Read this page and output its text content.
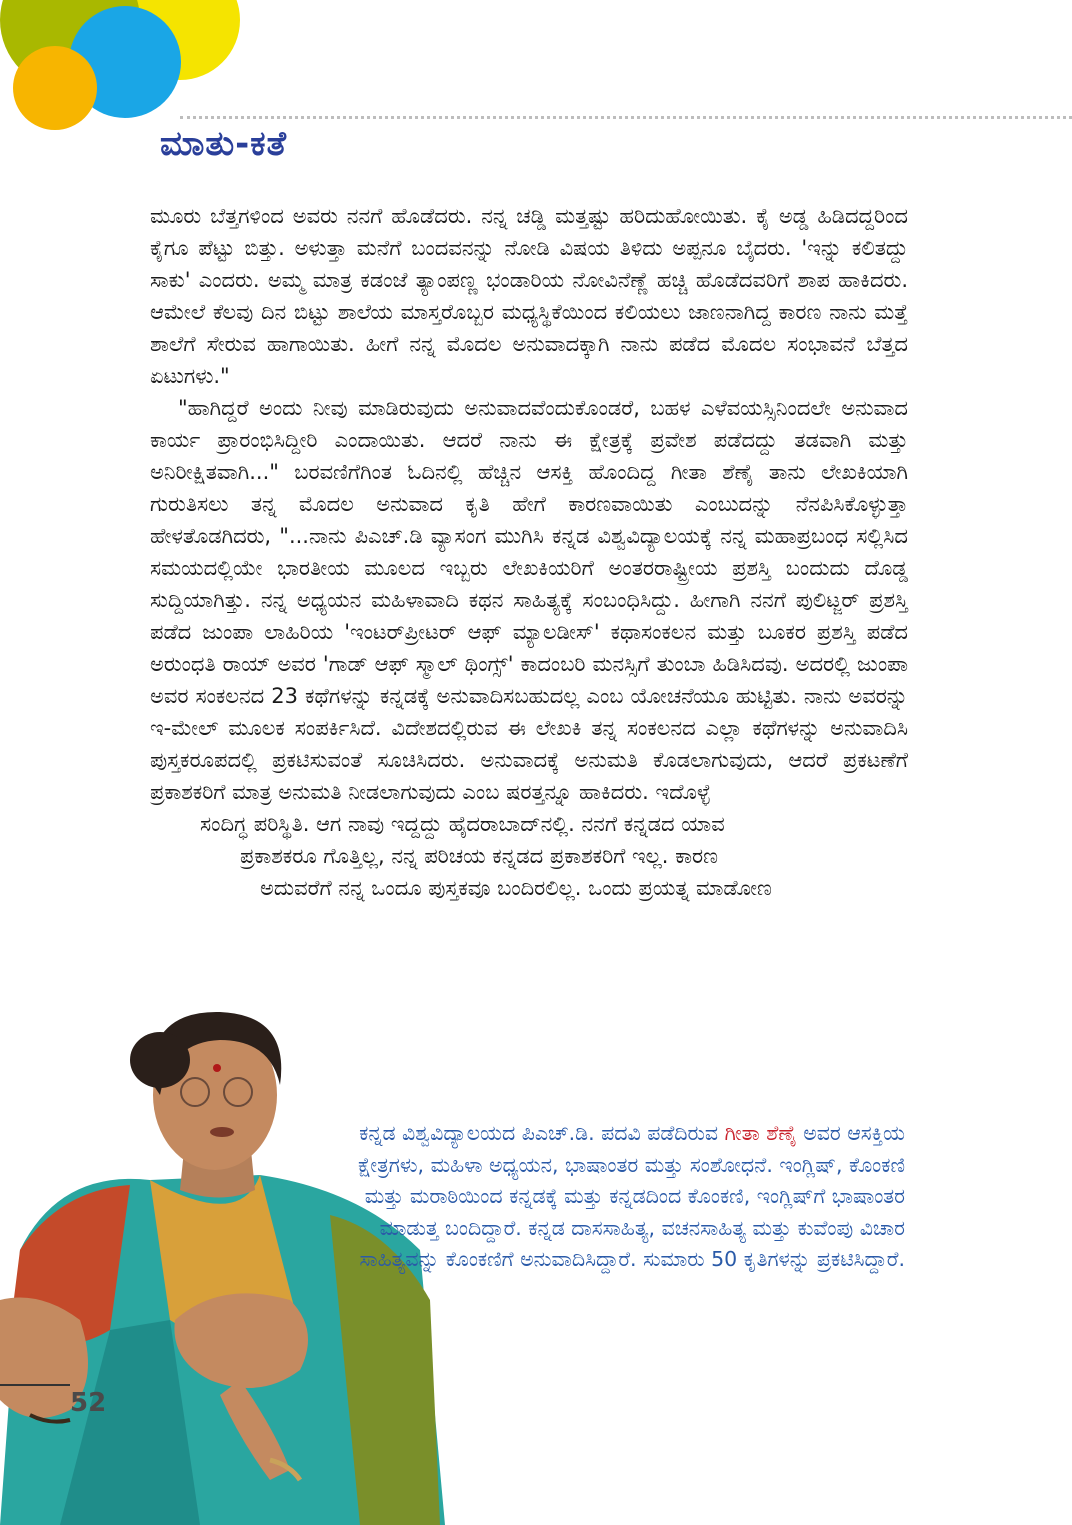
ಮಾತು-ಕತೆ

ಮೂರು ಬೆತ್ತಗಳಿಂದ ಅವರು ನನಗೆ ಹೊಡೆದರು. ನನ್ನ ಚಡ್ಡಿ ಮತ್ತಷ್ಟು ಹರಿದುಹೋಯಿತು. ಕೈ ಅಡ್ಡ ಹಿಡಿದದ್ದರಿಂದ ಕೈಗೂ ಪೆಟ್ಟು ಬಿತ್ತು. ಅಳುತ್ತಾ ಮನೆಗೆ ಬಂದವನನ್ನು ನೋಡಿ ವಿಷಯ ತಿಳಿದು ಅಪ್ಪನೂ ಬೈದರು. 'ಇನ್ನು ಕಲಿತದ್ದು ಸಾಕು' ಎಂದರು. ಅಮ್ಮ ಮಾತ್ರ ಕಡಂಜೆ ತ್ಯಾಂಪಣ್ಣ ಭಂಡಾರಿಯ ನೋವಿನೆಣ್ಣೆ ಹಚ್ಚಿ ಹೊಡೆದವರಿಗೆ ಶಾಪ ಹಾಕಿದರು. ಆಮೇಲೆ ಕೆಲವು ದಿನ ಬಿಟ್ಟು ಶಾಲೆಯ ಮಾಸ್ತರೊಬ್ಬರ ಮಧ್ಯಸ್ಥಿಕೆಯಿಂದ ಕಲಿಯಲು ಜಾಣನಾಗಿದ್ದ ಕಾರಣ ನಾನು ಮತ್ತೆ ಶಾಲೆಗೆ ಸೇರುವ ಹಾಗಾಯಿತು. ಹೀಗೆ ನನ್ನ ಮೊದಲ ಅನುವಾದಕ್ಕಾಗಿ ನಾನು ಪಡೆದ ಮೊದಲ ಸಂಭಾವನೆ ಬೆತ್ತದ ಏಟುಗಳು."

"ಹಾಗಿದ್ದರೆ ಅಂದು ನೀವು ಮಾಡಿರುವುದು ಅನುವಾದವೆಂದುಕೊಂಡರೆ, ಬಹಳ ಎಳೆವಯಸ್ಸಿನಿಂದಲೇ ಅನುವಾದ ಕಾರ್ಯ ಪ್ರಾರಂಭಿಸಿದ್ದೀರಿ ಎಂದಾಯಿತು. ಆದರೆ ನಾನು ಈ ಕ್ಷೇತ್ರಕ್ಕೆ ಪ್ರವೇಶ ಪಡೆದದ್ದು ತಡವಾಗಿ ಮತ್ತು ಅನಿರೀಕ್ಷಿತವಾಗಿ..." ಬರವಣಿಗೆಗಿಂತ ಓದಿನಲ್ಲಿ ಹೆಚ್ಚಿನ ಆಸಕ್ತಿ ಹೊಂದಿದ್ದ ಗೀತಾ ಶೆಣೈ ತಾನು ಲೇಖಕಿಯಾಗಿ ಗುರುತಿಸಲು ತನ್ನ ಮೊದಲ ಅನುವಾದ ಕೃತಿ ಹೇಗೆ ಕಾರಣವಾಯಿತು ಎಂಬುದನ್ನು ನೆನಪಿಸಿಕೊಳ್ಳುತ್ತಾ ಹೇಳತೊಡಗಿದರು, "...ನಾನು ಪಿಎಚ್.ಡಿ ವ್ಯಾಸಂಗ ಮುಗಿಸಿ ಕನ್ನಡ ವಿಶ್ವವಿದ್ಯಾಲಯಕ್ಕೆ ನನ್ನ ಮಹಾಪ್ರಬಂಧ ಸಲ್ಲಿಸಿದ ಸಮಯದಲ್ಲಿಯೇ ಭಾರತೀಯ ಮೂಲದ ಇಬ್ಬರು ಲೇಖಕಿಯರಿಗೆ ಅಂತರರಾಷ್ಟ್ರೀಯ ಪ್ರಶಸ್ತಿ ಬಂದುದು ದೊಡ್ಡ ಸುದ್ದಿಯಾಗಿತ್ತು. ನನ್ನ ಅಧ್ಯಯನ ಮಹಿಳಾವಾದಿ ಕಥನ ಸಾಹಿತ್ಯಕ್ಕೆ ಸಂಬಂಧಿಸಿದ್ದು. ಹೀಗಾಗಿ ನನಗೆ ಪುಲಿಟ್ಜರ್ ಪ್ರಶಸ್ತಿ ಪಡೆದ ಜುಂಪಾ ಲಾಹಿರಿಯ 'ಇಂಟರ್‌ಪ್ರೀಟರ್ ಆಫ್ ಮ್ಯಾಲಡೀಸ್' ಕಥಾಸಂಕಲನ ಮತ್ತು ಬೂಕರ ಪ್ರಶಸ್ತಿ ಪಡೆದ ಅರುಂಧತಿ ರಾಯ್ ಅವರ 'ಗಾಡ್ ಆಫ್ ಸ್ಮಾಲ್ ಥಿಂಗ್ಸ್' ಕಾದಂಬರಿ ಮನಸ್ಸಿಗೆ ತುಂಬಾ ಹಿಡಿಸಿದವು. ಅದರಲ್ಲಿ ಜುಂಪಾ ಅವರ ಸಂಕಲನದ 23 ಕಥೆಗಳನ್ನು ಕನ್ನಡಕ್ಕೆ ಅನುವಾದಿಸಬಹುದಲ್ಲ ಎಂಬ ಯೋಚನೆಯೂ ಹುಟ್ಟಿತು. ನಾನು ಅವರನ್ನು ಇ-ಮೇಲ್ ಮೂಲಕ ಸಂಪರ್ಕಿಸಿದೆ. ವಿದೇಶದಲ್ಲಿರುವ ಈ ಲೇಖಕಿ ತನ್ನ ಸಂಕಲನದ ಎಲ್ಲಾ ಕಥೆಗಳನ್ನು ಅನುವಾದಿಸಿ ಪುಸ್ತಕರೂಪದಲ್ಲಿ ಪ್ರಕಟಿಸುವಂತೆ ಸೂಚಿಸಿದರು. ಅನುವಾದಕ್ಕೆ ಅನುಮತಿ ಕೊಡಲಾಗುವುದು, ಆದರೆ ಪ್ರಕಟಣೆಗೆ ಪ್ರಕಾಶಕರಿಗೆ ಮಾತ್ರ ಅನುಮತಿ ನೀಡಲಾಗುವುದು ಎಂಬ ಷರತ್ತನ್ನೂ ಹಾಕಿದರು. ಇದೊಳ್ಳೆ

ಸಂದಿಗ್ಧ ಪರಿಸ್ಥಿತಿ. ಆಗ ನಾವು ಇದ್ದದ್ದು ಹೈದರಾಬಾದ್‌ನಲ್ಲಿ. ನನಗೆ ಕನ್ನಡದ ಯಾವ
ಪ್ರಕಾಶಕರೂ ಗೊತ್ತಿಲ್ಲ, ನನ್ನ ಪರಿಚಯ ಕನ್ನಡದ ಪ್ರಕಾಶಕರಿಗೆ ಇಲ್ಲ. ಕಾರಣ
ಅದುವರೆಗೆ ನನ್ನ ಒಂದೂ ಪುಸ್ತಕವೂ ಬಂದಿರಲಿಲ್ಲ. ಒಂದು ಪ್ರಯತ್ನ ಮಾಡೋಣ
52
ಕನ್ನಡ ವಿಶ್ವವಿದ್ಯಾಲಯದ ಪಿಎಚ್.ಡಿ. ಪದವಿ ಪಡೆದಿರುವ ಗೀತಾ ಶೆಣೈ ಅವರ ಆಸಕ್ತಿಯ ಕ್ಷೇತ್ರಗಳು, ಮಹಿಳಾ ಅಧ್ಯಯನ, ಭಾಷಾಂತರ ಮತ್ತು ಸಂಶೋಧನೆ. ಇಂಗ್ಲಿಷ್, ಕೊಂಕಣಿ ಮತ್ತು ಮರಾಠಿಯಿಂದ ಕನ್ನಡಕ್ಕೆ ಮತ್ತು ಕನ್ನಡದಿಂದ ಕೊಂಕಣಿ, ಇಂಗ್ಲಿಷ್‌ಗೆ ಭಾಷಾಂತರ ಮಾಡುತ್ತ ಬಂದಿದ್ದಾರೆ. ಕನ್ನಡ ದಾಸಸಾಹಿತ್ಯ, ವಚನಸಾಹಿತ್ಯ ಮತ್ತು ಕುವೆಂಪು ವಿಚಾರ ಸಾಹಿತ್ಯವನ್ನು ಕೊಂಕಣಿಗೆ ಅನುವಾದಿಸಿದ್ದಾರೆ. ಸುಮಾರು 50 ಕೃತಿಗಳನ್ನು ಪ್ರಕಟಿಸಿದ್ದಾರೆ.
